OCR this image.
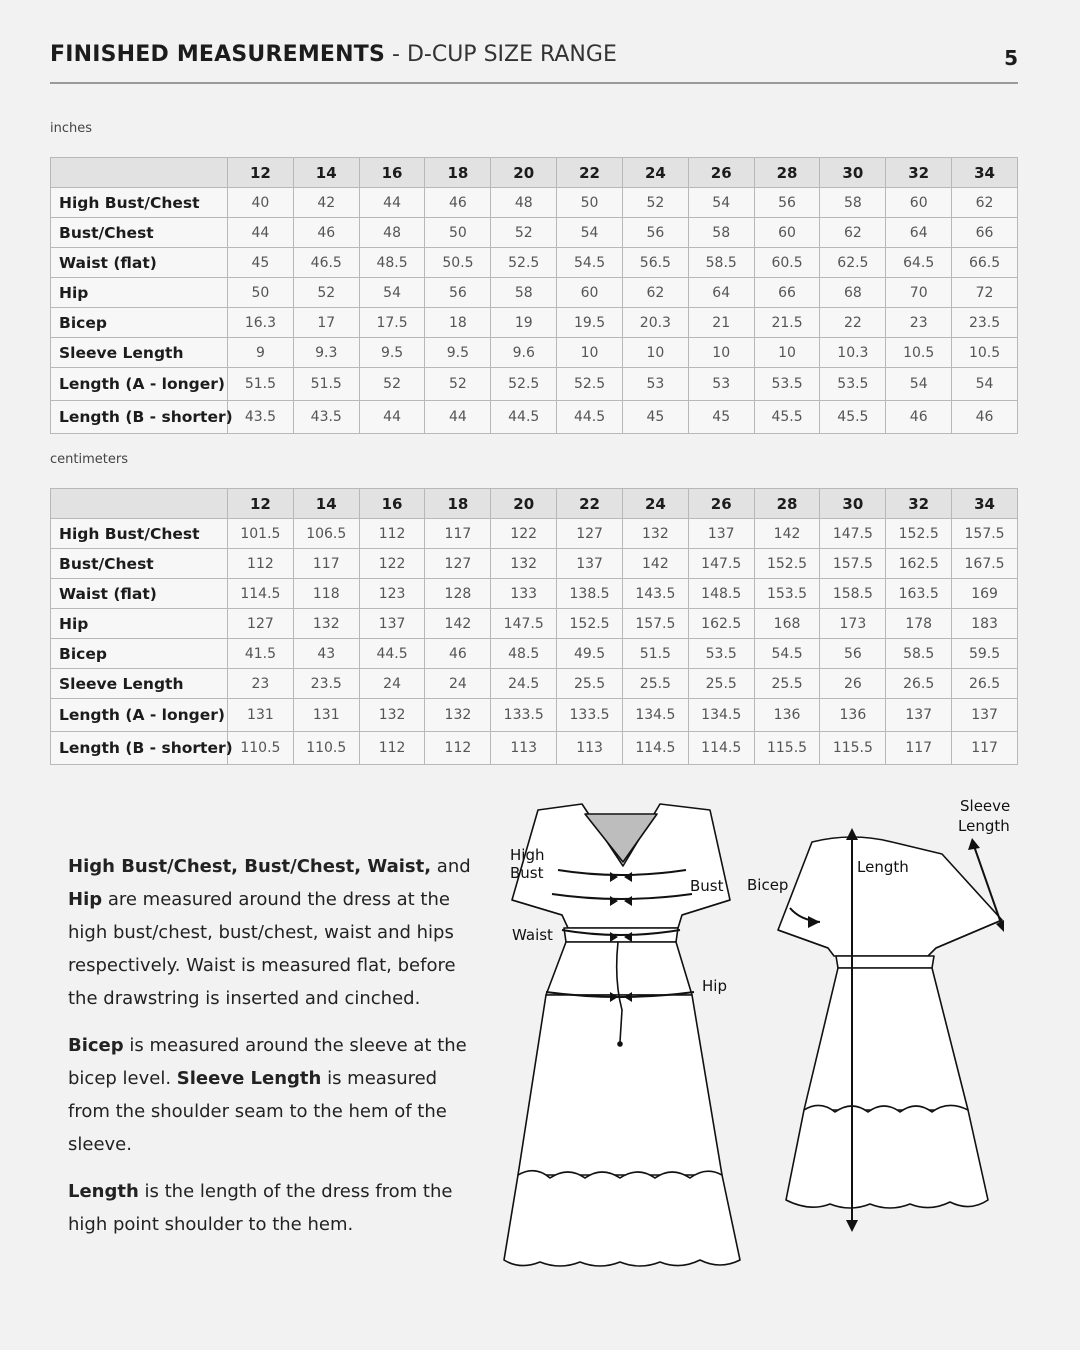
FINISHED MEASUREMENTS - D-CUP SIZE RANGE	5
inches
	12	14	16	18	20	22	24	26	28	30	32	34
High Bust/Chest	40	42	44	46	48	50	52	54	56	58	60	62
Bust/Chest	44	46	48	50	52	54	56	58	60	62	64	66
Waist (flat)	45	46.5	48.5	50.5	52.5	54.5	56.5	58.5	60.5	62.5	64.5	66.5
Hip	50	52	54	56	58	60	62	64	66	68	70	72
Bicep	16.3	17	17.5	18	19	19.5	20.3	21	21.5	22	23	23.5
Sleeve Length	9	9.3	9.5	9.5	9.6	10	10	10	10	10.3	10.5	10.5
Length (A - longer)	51.5	51.5	52	52	52.5	52.5	53	53	53.5	53.5	54	54
Length (B - shorter)	43.5	43.5	44	44	44.5	44.5	45	45	45.5	45.5	46	46
centimeters
	12	14	16	18	20	22	24	26	28	30	32	34
High Bust/Chest	101.5	106.5	112	117	122	127	132	137	142	147.5	152.5	157.5
Bust/Chest	112	117	122	127	132	137	142	147.5	152.5	157.5	162.5	167.5
Waist (flat)	114.5	118	123	128	133	138.5	143.5	148.5	153.5	158.5	163.5	169
Hip	127	132	137	142	147.5	152.5	157.5	162.5	168	173	178	183
Bicep	41.5	43	44.5	46	48.5	49.5	51.5	53.5	54.5	56	58.5	59.5
Sleeve Length	23	23.5	24	24	24.5	25.5	25.5	25.5	25.5	26	26.5	26.5
Length (A - longer)	131	131	132	132	133.5	133.5	134.5	134.5	136	136	137	137
Length (B - shorter)	110.5	110.5	112	112	113	113	114.5	114.5	115.5	115.5	117	117

High Bust/Chest, Bust/Chest, Waist, and Hip are measured around the dress at the high bust/chest, bust/chest, waist and hips respectively. Waist is measured flat, before the drawstring is inserted and cinched.

Bicep is measured around the sleeve at the bicep level. Sleeve Length is measured from the shoulder seam to the hem of the sleeve.

Length is the length of the dress from the high point shoulder to the hem.

High
Bust
Bust
Waist
Hip
Bicep
Length
Sleeve
Length
